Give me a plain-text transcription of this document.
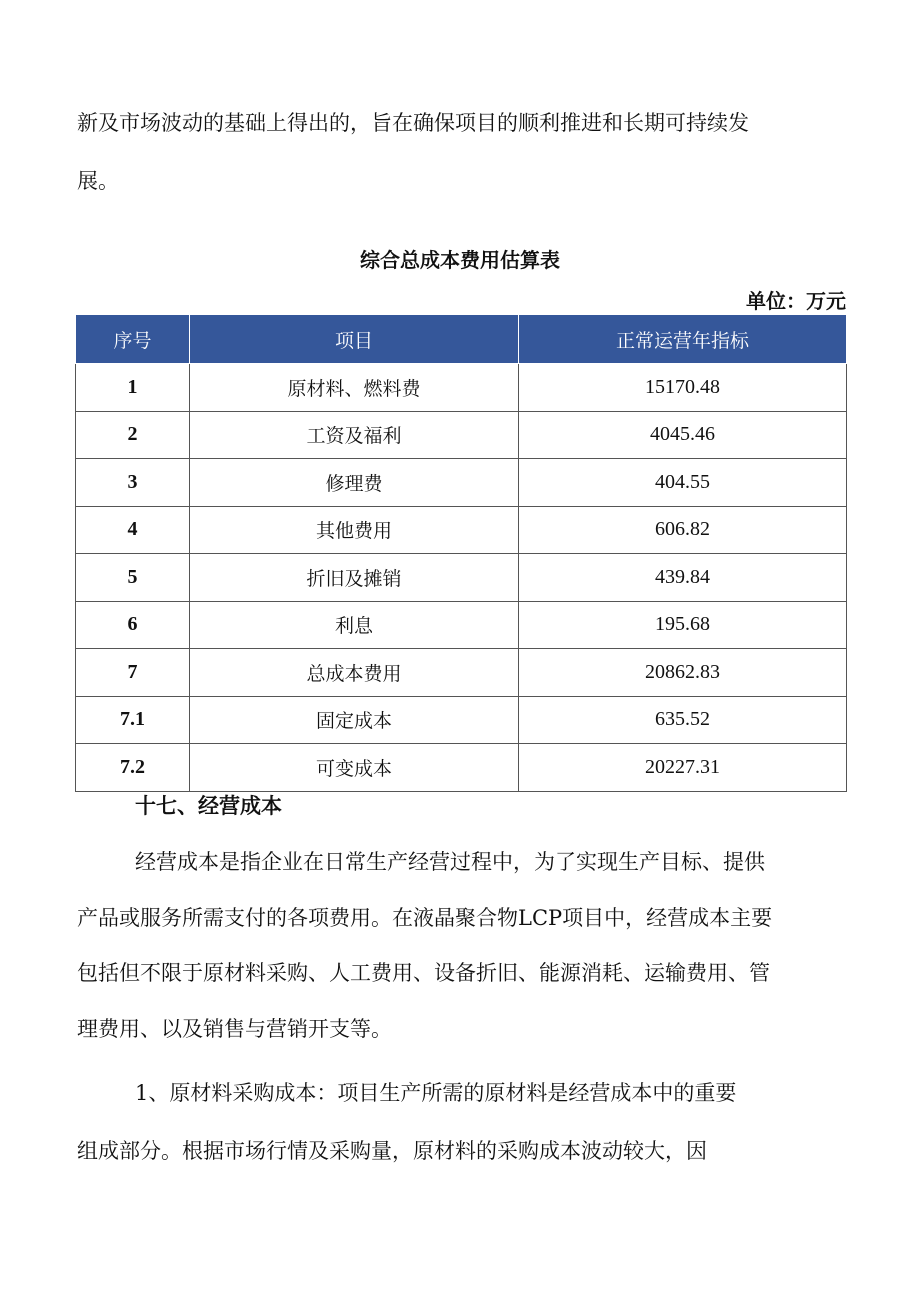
新及市场波动的基础上得出的，旨在确保项目的顺利推进和长期可持续发
展。
综合总成本费用估算表
单位：万元
序号	项目	正常运营年指标
1	原材料、燃料费	15170.48
2	工资及福利	4045.46
3	修理费	404.55
4	其他费用	606.82
5	折旧及摊销	439.84
6	利息	195.68
7	总成本费用	20862.83
7.1	固定成本	635.52
7.2	可变成本	20227.31
十七、经营成本
经营成本是指企业在日常生产经营过程中，为了实现生产目标、提供
产品或服务所需支付的各项费用。在液晶聚合物LCP项目中，经营成本主要
包括但不限于原材料采购、人工费用、设备折旧、能源消耗、运输费用、管
理费用、以及销售与营销开支等。
1、原材料采购成本：项目生产所需的原材料是经营成本中的重要
组成部分。根据市场行情及采购量，原材料的采购成本波动较大，因
